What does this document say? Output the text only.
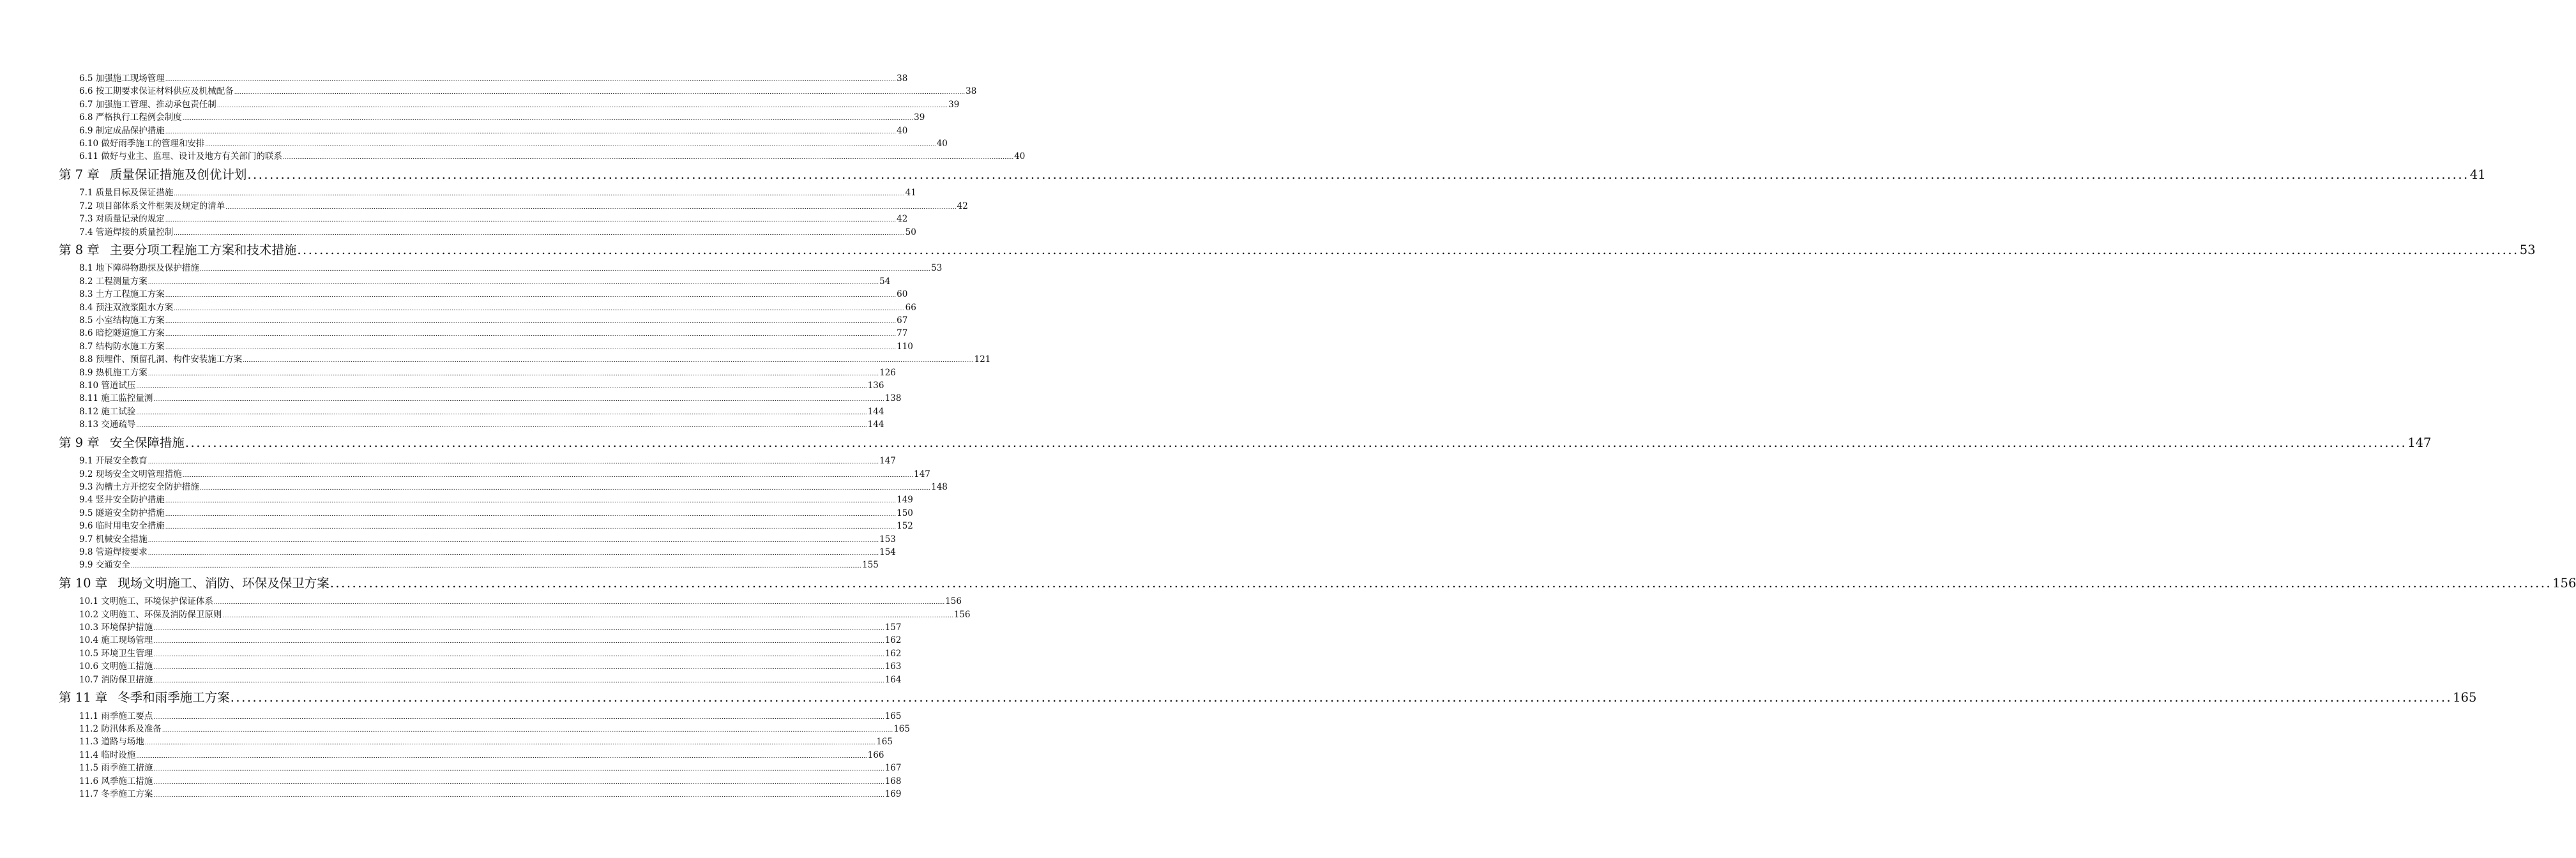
6.5 加强施工现场管理 ................................................................................................................................................................................................................................................................................................................................................................................................................ 38
6.6 按工期要求保证材料供应及机械配备 ................................................................................................................................................................................................................................................................................................................................................................................................................ 38
6.7 加强施工管理、推动承包责任制 ................................................................................................................................................................................................................................................................................................................................................................................................................ 39
6.8 严格执行工程例会制度 ................................................................................................................................................................................................................................................................................................................................................................................................................ 39
6.9 制定成品保护措施 ................................................................................................................................................................................................................................................................................................................................................................................................................ 40
6.10 做好雨季施工的管理和安排 ................................................................................................................................................................................................................................................................................................................................................................................................................ 40
6.11 做好与业主、监理、设计及地方有关部门的联系 ................................................................................................................................................................................................................................................................................................................................................................................................................ 40
第 7 章 质量保证措施及创优计划 ................................................................................................................................................................................................................................................................................................................................................................................................................ 41
7.1 质量目标及保证措施 ................................................................................................................................................................................................................................................................................................................................................................................................................ 41
7.2 项目部体系文件框架及规定的清单 ................................................................................................................................................................................................................................................................................................................................................................................................................ 42
7.3 对质量记录的规定 ................................................................................................................................................................................................................................................................................................................................................................................................................ 42
7.4 管道焊接的质量控制 ................................................................................................................................................................................................................................................................................................................................................................................................................ 50
第 8 章 主要分项工程施工方案和技术措施 ................................................................................................................................................................................................................................................................................................................................................................................................................ 53
8.1 地下障碍物勘探及保护措施 ................................................................................................................................................................................................................................................................................................................................................................................................................ 53
8.2 工程测量方案 ................................................................................................................................................................................................................................................................................................................................................................................................................ 54
8.3 土方工程施工方案 ................................................................................................................................................................................................................................................................................................................................................................................................................ 60
8.4 预注双液浆阻水方案 ................................................................................................................................................................................................................................................................................................................................................................................................................ 66
8.5 小室结构施工方案 ................................................................................................................................................................................................................................................................................................................................................................................................................ 67
8.6 暗挖隧道施工方案 ................................................................................................................................................................................................................................................................................................................................................................................................................ 77
8.7 结构防水施工方案 ................................................................................................................................................................................................................................................................................................................................................................................................................ 110
8.8 预埋件、预留孔洞、构件安装施工方案 ................................................................................................................................................................................................................................................................................................................................................................................................................ 121
8.9 热机施工方案 ................................................................................................................................................................................................................................................................................................................................................................................................................ 126
8.10 管道试压 ................................................................................................................................................................................................................................................................................................................................................................................................................ 136
8.11 施工监控量测 ................................................................................................................................................................................................................................................................................................................................................................................................................ 138
8.12 施工试验 ................................................................................................................................................................................................................................................................................................................................................................................................................ 144
8.13 交通疏导 ................................................................................................................................................................................................................................................................................................................................................................................................................ 144
第 9 章 安全保障措施 ................................................................................................................................................................................................................................................................................................................................................................................................................ 147
9.1 开展安全教育 ................................................................................................................................................................................................................................................................................................................................................................................................................ 147
9.2 现场安全文明管理措施 ................................................................................................................................................................................................................................................................................................................................................................................................................ 147
9.3 沟槽土方开挖安全防护措施 ................................................................................................................................................................................................................................................................................................................................................................................................................ 148
9.4 竖井安全防护措施 ................................................................................................................................................................................................................................................................................................................................................................................................................ 149
9.5 隧道安全防护措施 ................................................................................................................................................................................................................................................................................................................................................................................................................ 150
9.6 临时用电安全措施 ................................................................................................................................................................................................................................................................................................................................................................................................................ 152
9.7 机械安全措施 ................................................................................................................................................................................................................................................................................................................................................................................................................ 153
9.8 管道焊接要求 ................................................................................................................................................................................................................................................................................................................................................................................................................ 154
9.9 交通安全 ................................................................................................................................................................................................................................................................................................................................................................................................................ 155
第 10 章 现场文明施工、消防、环保及保卫方案 ................................................................................................................................................................................................................................................................................................................................................................................................................ 156
10.1 文明施工、环境保护保证体系 ................................................................................................................................................................................................................................................................................................................................................................................................................ 156
10.2 文明施工、环保及消防保卫原则 ................................................................................................................................................................................................................................................................................................................................................................................................................ 156
10.3 环境保护措施 ................................................................................................................................................................................................................................................................................................................................................................................................................ 157
10.4 施工现场管理 ................................................................................................................................................................................................................................................................................................................................................................................................................ 162
10.5 环境卫生管理 ................................................................................................................................................................................................................................................................................................................................................................................................................ 162
10.6 文明施工措施 ................................................................................................................................................................................................................................................................................................................................................................................................................ 163
10.7 消防保卫措施 ................................................................................................................................................................................................................................................................................................................................................................................................................ 164
第 11 章 冬季和雨季施工方案 ................................................................................................................................................................................................................................................................................................................................................................................................................ 165
11.1 雨季施工要点 ................................................................................................................................................................................................................................................................................................................................................................................................................ 165
11.2 防汛体系及准备 ................................................................................................................................................................................................................................................................................................................................................................................................................ 165
11.3 道路与场地 ................................................................................................................................................................................................................................................................................................................................................................................................................ 165
11.4 临时设施 ................................................................................................................................................................................................................................................................................................................................................................................................................ 166
11.5 雨季施工措施 ................................................................................................................................................................................................................................................................................................................................................................................................................ 167
11.6 风季施工措施 ................................................................................................................................................................................................................................................................................................................................................................................................................ 168
11.7 冬季施工方案 ................................................................................................................................................................................................................................................................................................................................................................................................................ 169
